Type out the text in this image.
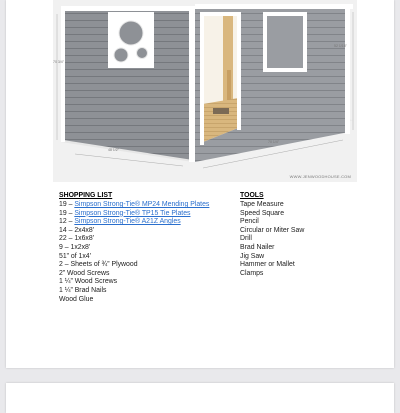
70 3/4"
48 1/2"
70 1/4"
52 1/16"
WWW.JENWOODHOUSE.COM
SHOPPING LIST
19 – Simpson Strong-Tie® MP24 Mending Plates
19 – Simpson Strong-Tie® TP15 Tie Plates
12 – Simpson Strong-Tie® A21Z Angles
14 – 2x4x8’
22 – 1x6x8’
9 – 1x2x8’
51” of 1x4’
2 – Sheets of ¾” Plywood
2” Wood Screws
1 ¼” Wood Screws
1 ¼” Brad Nails
Wood Glue
TOOLS
Tape Measure
Speed Square
Pencil
Circular or Miter Saw
Drill
Brad Nailer
Jig Saw
Hammer or Mallet
Clamps
